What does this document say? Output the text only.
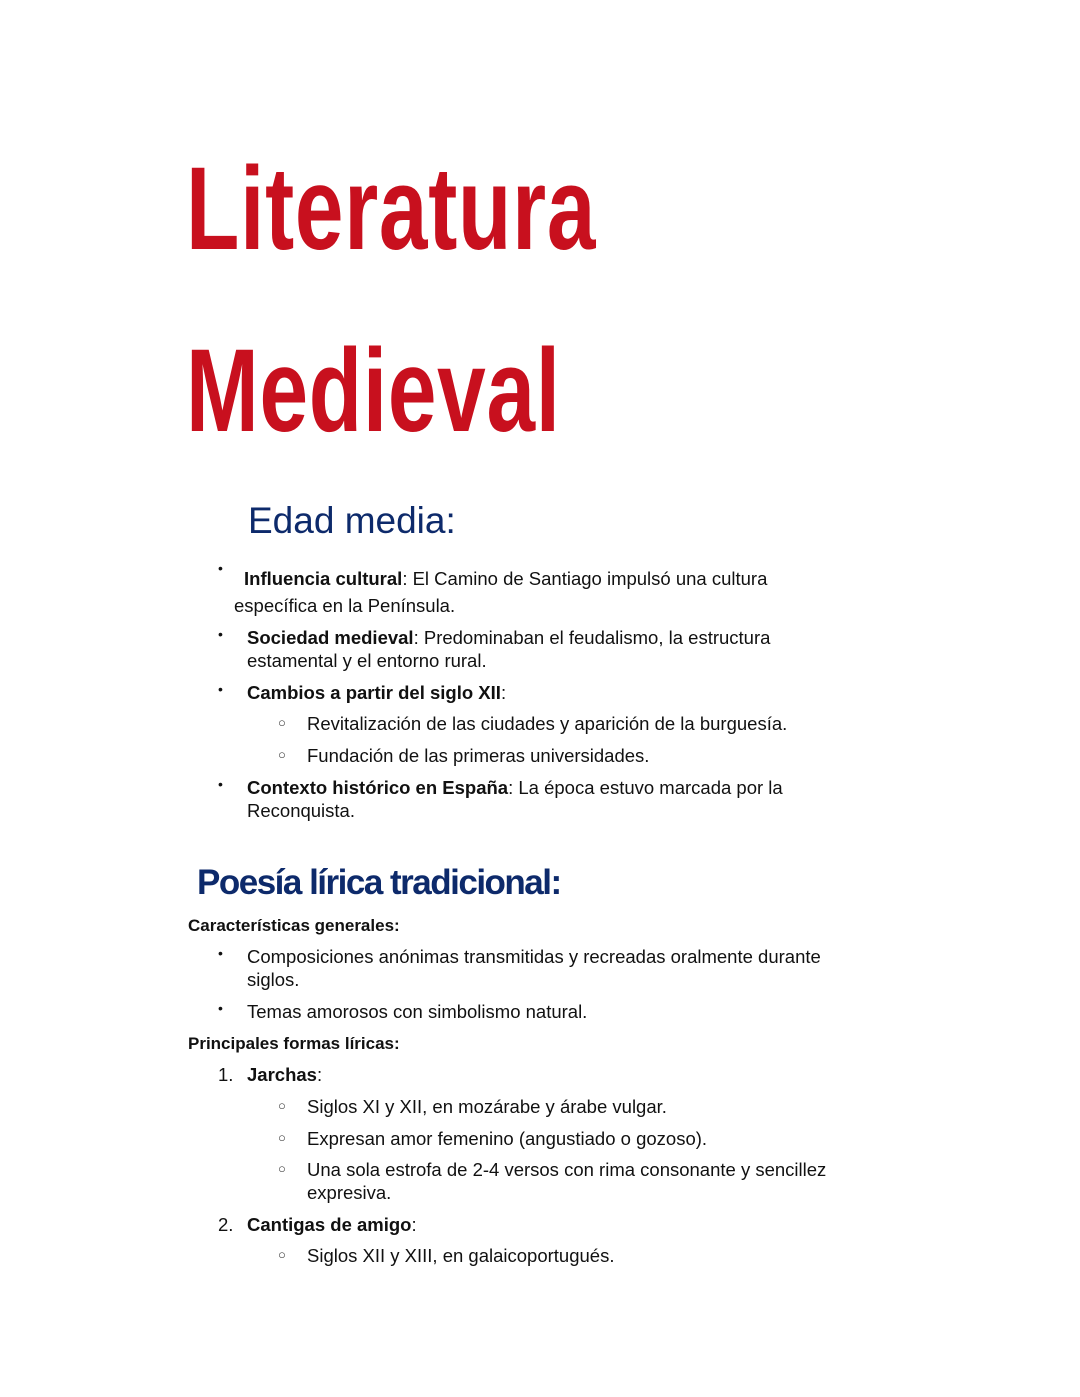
Literatura
Medieval
Edad media:
• Influencia cultural: El Camino de Santiago impulsó una cultura
específica en la Península.
• Sociedad medieval: Predominaban el feudalismo, la estructura
estamental y el entorno rural.
• Cambios a partir del siglo XII:
○ Revitalización de las ciudades y aparición de la burguesía.
○ Fundación de las primeras universidades.
• Contexto histórico en España: La época estuvo marcada por la
Reconquista.
Poesía lírica tradicional:
Características generales:
• Composiciones anónimas transmitidas y recreadas oralmente durante
siglos.
• Temas amorosos con simbolismo natural.
Principales formas líricas:
1. Jarchas:
○ Siglos XI y XII, en mozárabe y árabe vulgar.
○ Expresan amor femenino (angustiado o gozoso).
○ Una sola estrofa de 2-4 versos con rima consonante y sencillez
expresiva.
2. Cantigas de amigo:
○ Siglos XII y XIII, en galaicoportugués.
